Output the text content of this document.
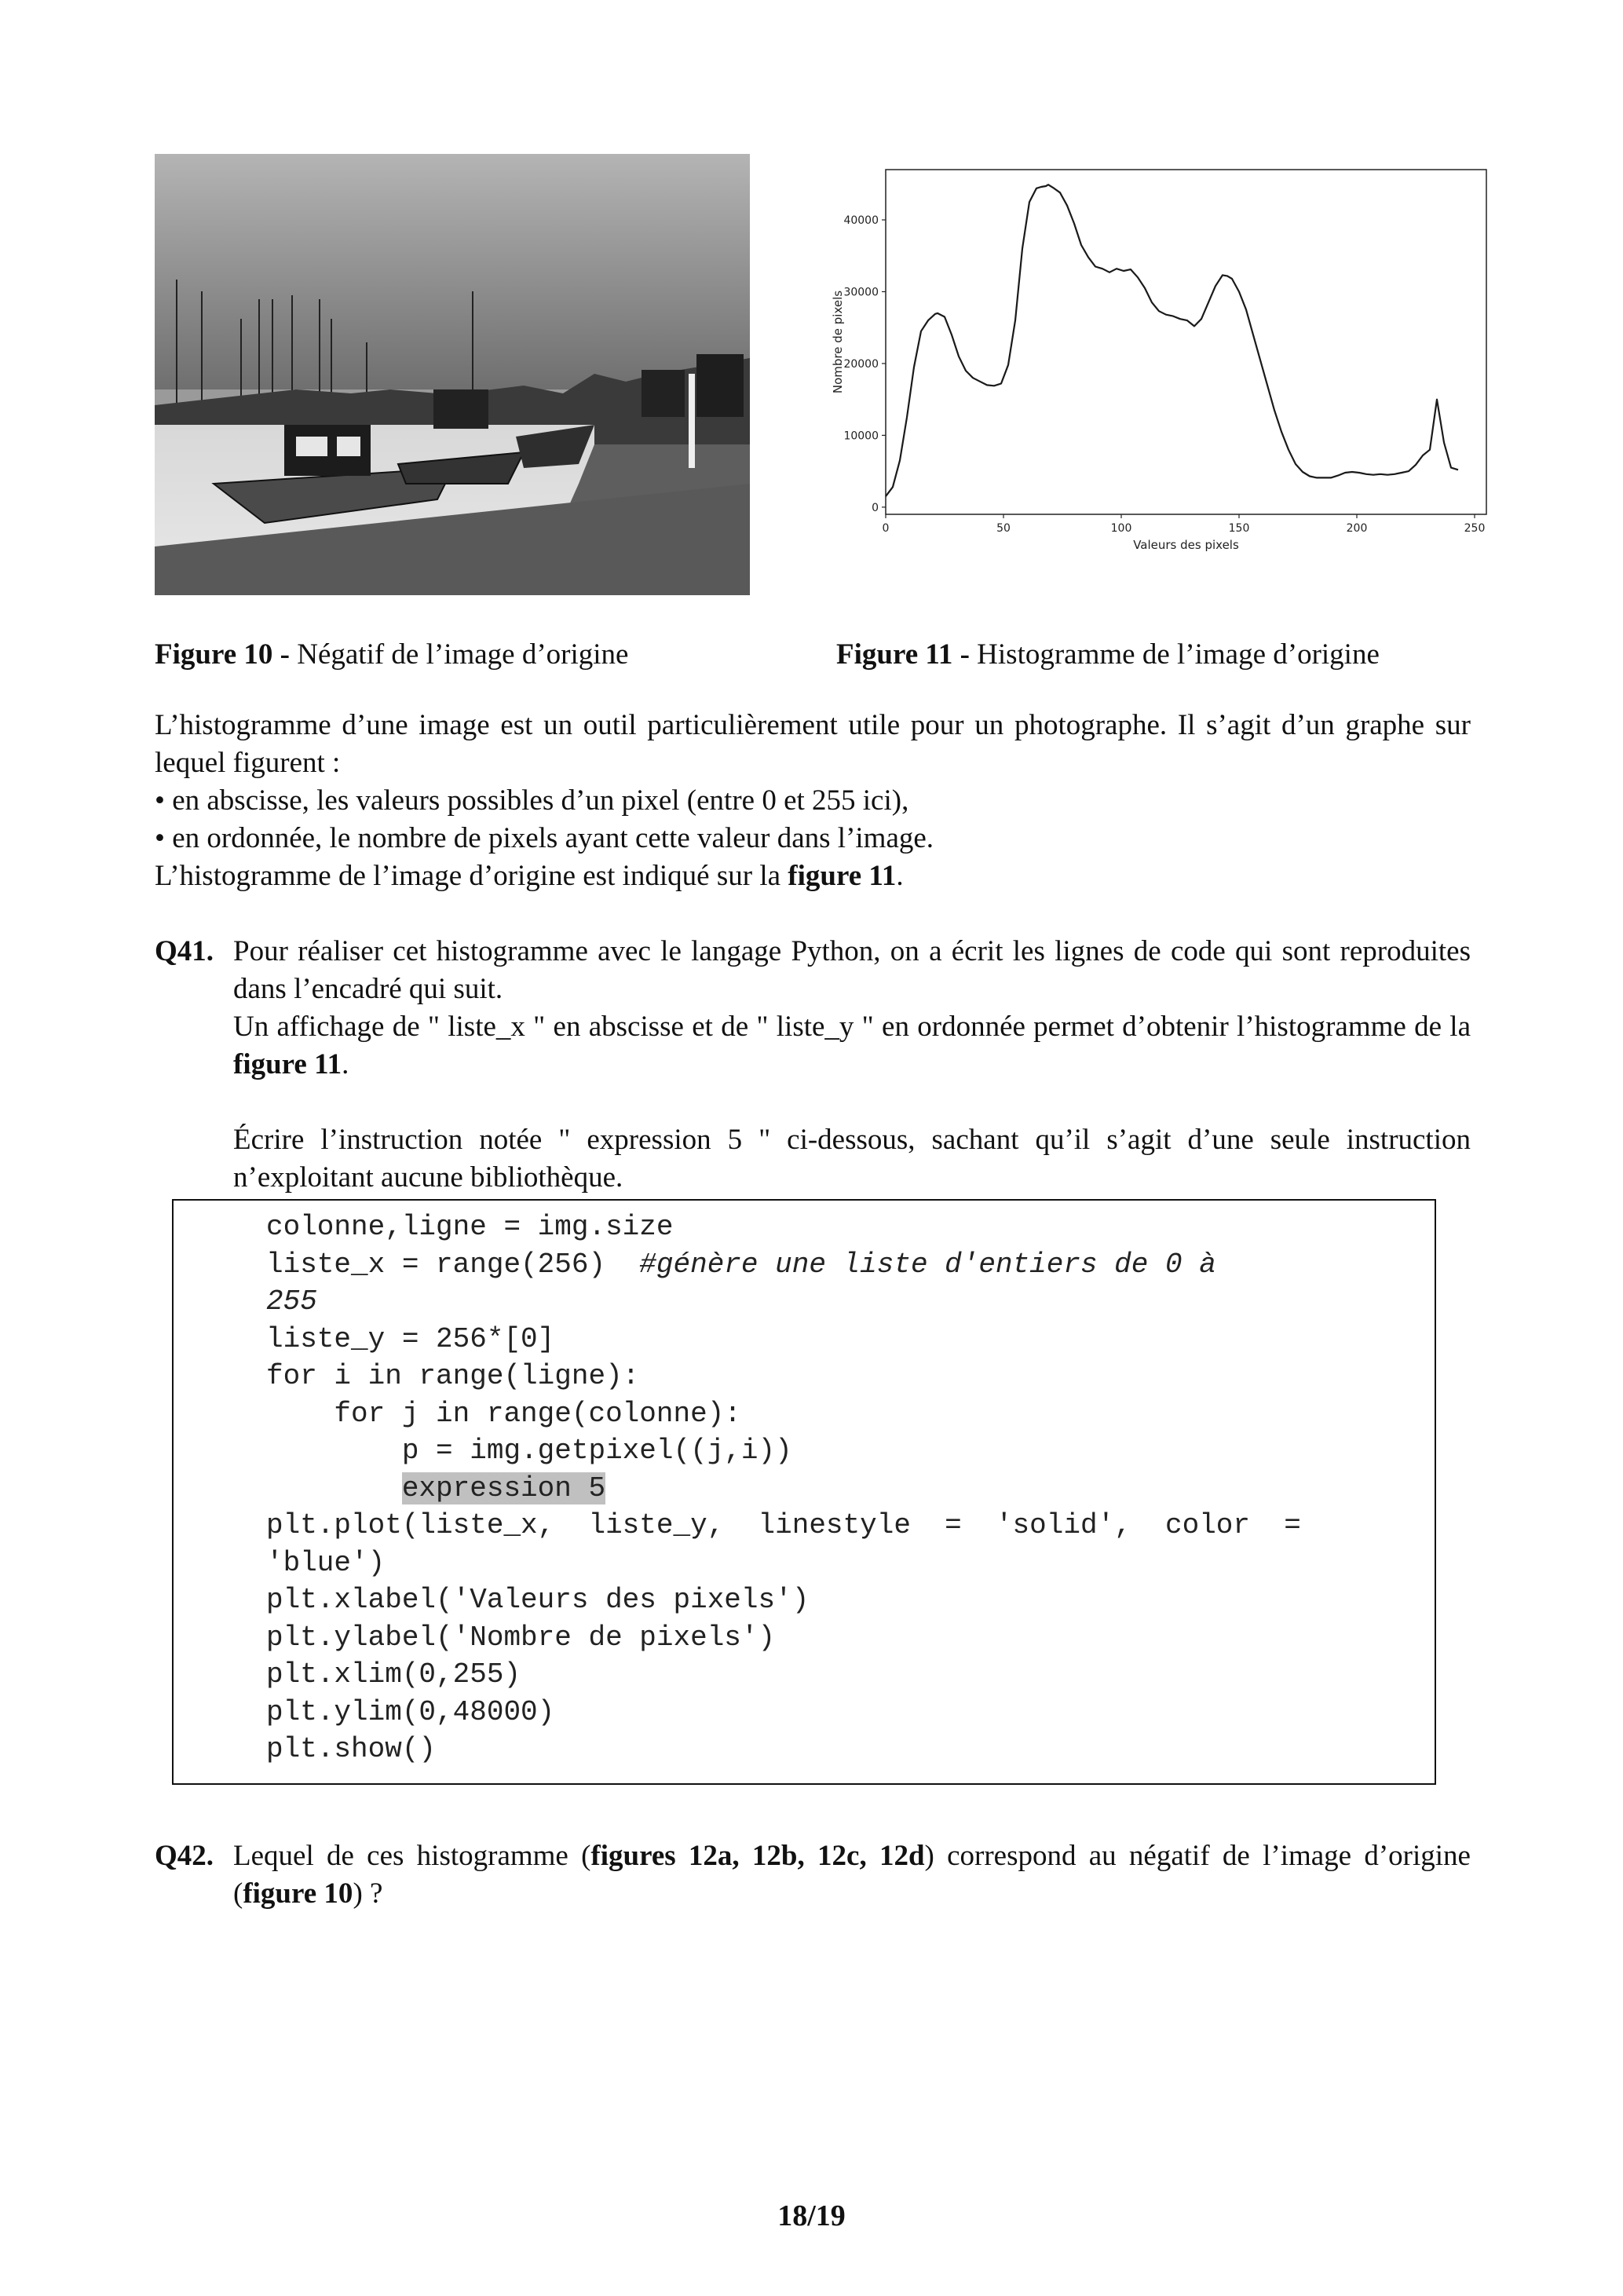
0
10000
20000
30000
40000
0	50	100	150	200	250
Valeurs des pixels
Nombre de pixels
Figure 10 - Négatif de l’image d’origine	Figure 11 - Histogramme de l’image d’origine
L’histogramme d’une image est un outil particulièrement utile pour un photographe. Il s’agit d’un graphe sur lequel figurent :
• en abscisse, les valeurs possibles d’un pixel (entre 0 et 255 ici),
• en ordonnée, le nombre de pixels ayant cette valeur dans l’image.
L’histogramme de l’image d’origine est indiqué sur la figure 11.
Q41. Pour réaliser cet histogramme avec le langage Python, on a écrit les lignes de code qui sont reproduites dans l’encadré qui suit.

Un affichage de " liste_x " en abscisse et de " liste_y " en ordonnée permet d’obtenir l’histogramme de la figure 11.

Écrire l’instruction notée " expression 5 " ci-dessous, sachant qu’il s’agit d’une seule instruction n’exploitant aucune bibliothèque.

colonne,ligne = img.size
liste_x = range(256)  #génère une liste d'entiers de 0 à
255
liste_y = 256*[0]
for i in range(ligne):
for j in range(colonne):
p = img.getpixel((j,i))
expression 5
plt.plot(liste_x,  liste_y,  linestyle  =  'solid',  color  =
'blue')
plt.xlabel('Valeurs des pixels')
plt.ylabel('Nombre de pixels')
plt.xlim(0,255)
plt.ylim(0,48000)
plt.show()
Q42. Lequel de ces histogramme (figures 12a, 12b, 12c, 12d) correspond au négatif de l’image d’origine (figure 10) ?

18/19
